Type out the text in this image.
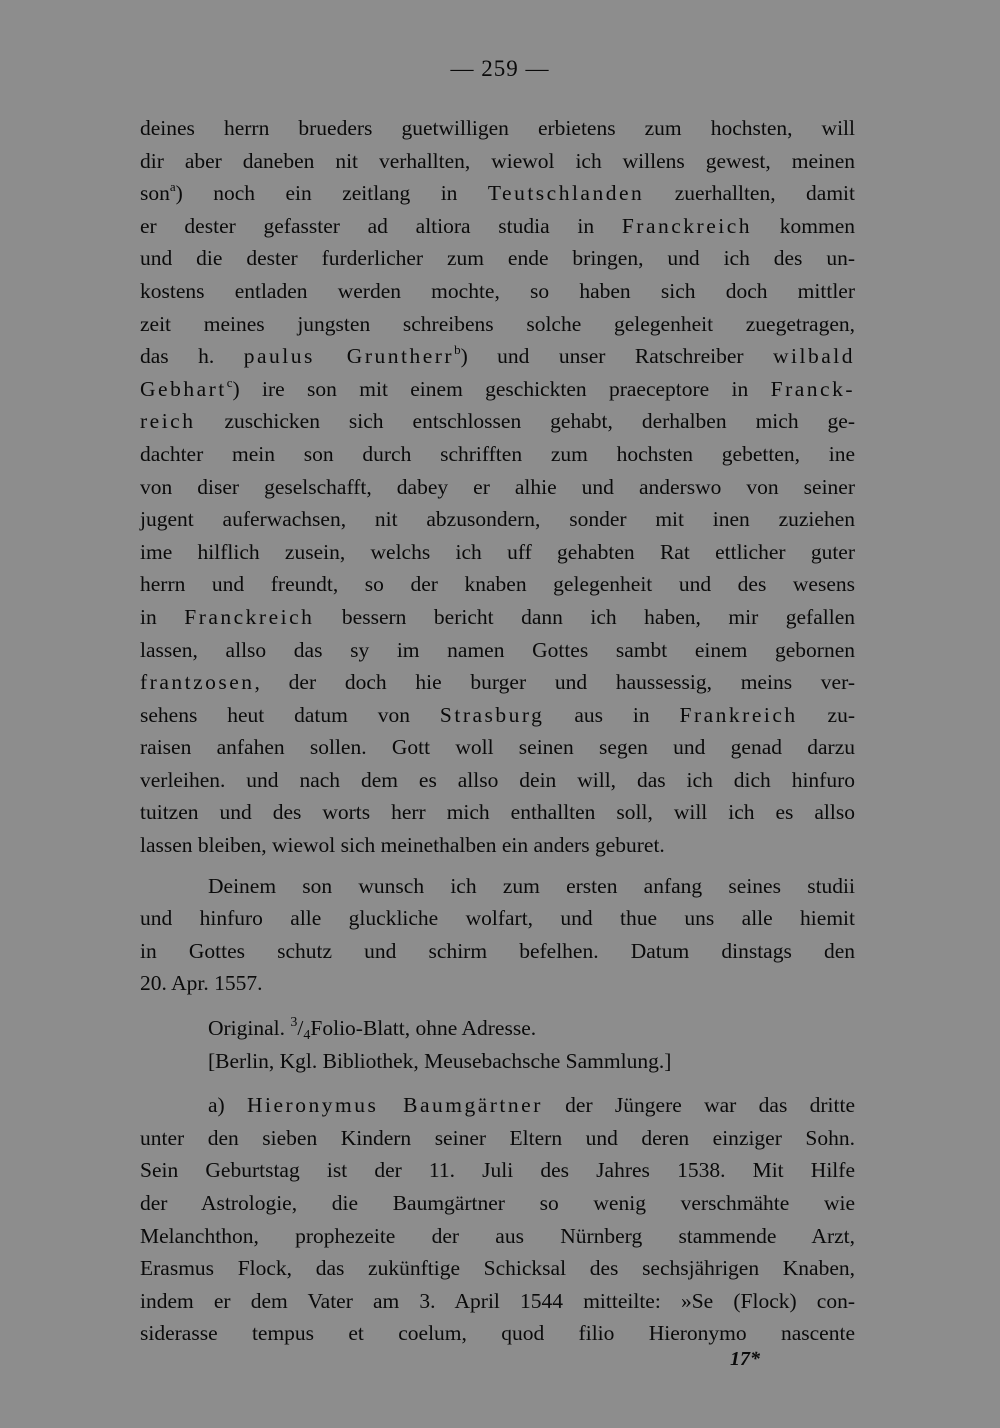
— 259 —
deines herrn brueders guetwilligen erbietens zum hochsten, will
dir aber daneben nit verhallten, wiewol ich willens gewest, meinen
son$^a$) noch ein zeitlang in Teutschlanden zuerhallten, damit
er dester gefasster ad altiora studia in Franckreich kommen
und die dester furderlicher zum ende bringen, und ich des un-
kostens entladen werden mochte, so haben sich doch mittler
zeit meines jungsten schreibens solche gelegenheit zuegetragen,
das h. paulus Gruntherr$^b$) und unser Ratschreiber wilbald
Gebhart$^c$) ire son mit einem geschickten praeceptore in Franck-
reich zuschicken sich entschlossen gehabt, derhalben mich ge-
dachter mein son durch schrifften zum hochsten gebetten, ine
von diser geselschafft, dabey er alhie und anderswo von seiner
jugent auferwachsen, nit abzusondern, sonder mit inen zuziehen
ime hilflich zusein, welchs ich uff gehabten Rat ettlicher guter
herrn und freundt, so der knaben gelegenheit und des wesens
in Franckreich bessern bericht dann ich haben, mir gefallen
lassen, allso das sy im namen Gottes sambt einem gebornen
frantzosen, der doch hie burger und haussessig, meins ver-
sehens heut datum von Strasburg aus in Frankreich zu-
raisen anfahen sollen. Gott woll seinen segen und genad darzu
verleihen. und nach dem es allso dein will, das ich dich hinfuro
tuitzen und des worts herr mich enthallten soll, will ich es allso
lassen bleiben, wiewol sich meinethalben ein anders geburet.
Deinem son wunsch ich zum ersten anfang seines studii
und hinfuro alle gluckliche wolfart, und thue uns alle hiemit
in Gottes schutz und schirm befelhen. Datum dinstags den
20. Apr. 1557.
Original. $^3$/4Folio-Blatt, ohne Adresse.
[Berlin, Kgl. Bibliothek, Meusebachsche Sammlung.]
a) Hieronymus Baumgärtner der Jüngere war das dritte
unter den sieben Kindern seiner Eltern und deren einziger Sohn.
Sein Geburtstag ist der 11. Juli des Jahres 1538. Mit Hilfe
der Astrologie, die Baumgärtner so wenig verschmähte wie
Melanchthon, prophezeite der aus Nürnberg stammende Arzt,
Erasmus Flock, das zukünftige Schicksal des sechsjährigen Knaben,
indem er dem Vater am 3. April 1544 mitteilte: »Se (Flock) con-
siderasse tempus et coelum, quod filio Hieronymo nascente
17*
